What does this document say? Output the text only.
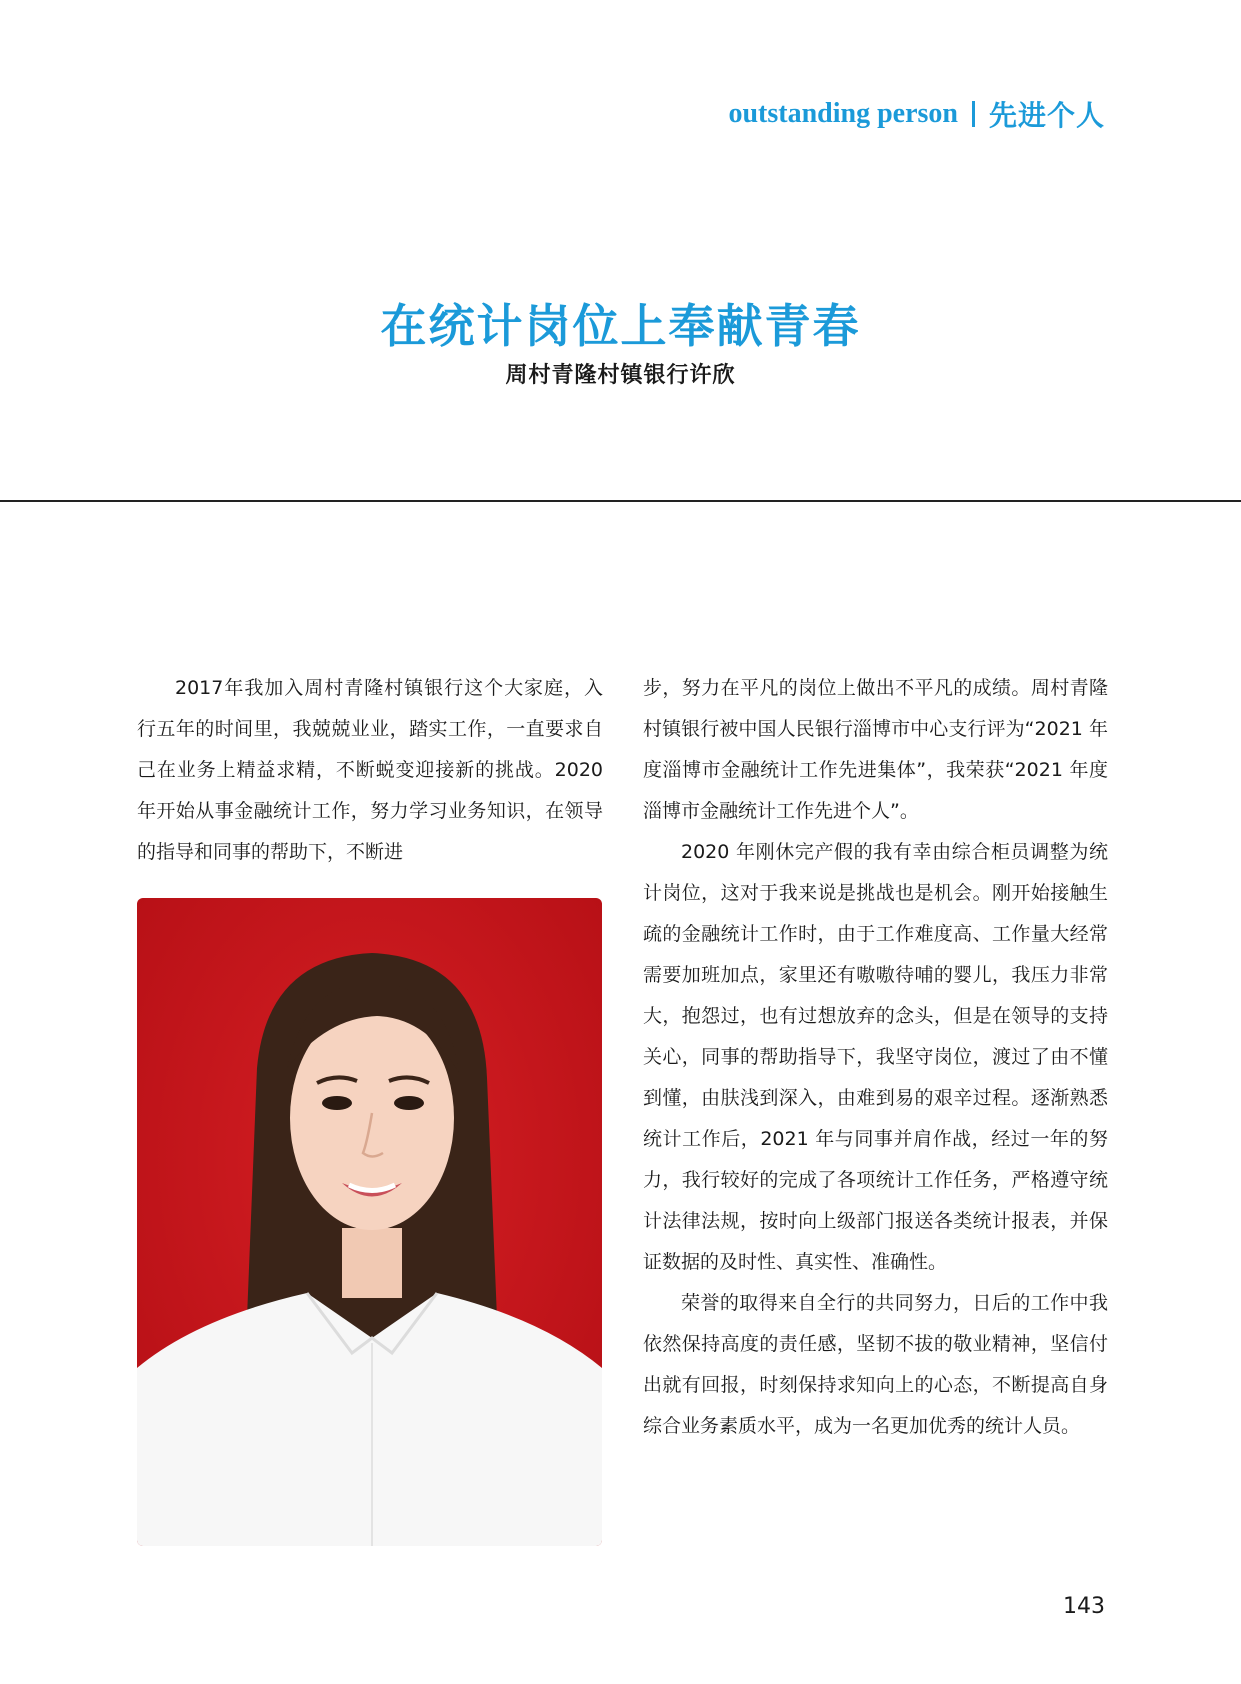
outstanding person 先进个人
在统计岗位上奉献青春
周村青隆村镇银行许欣

2017年我加入周村青隆村镇银行这个大家庭，入行五年的时间里，我兢兢业业，踏实工作，一直要求自己在业务上精益求精，不断蜕变迎接新的挑战。2020 年开始从事金融统计工作，努力学习业务知识，在领导的指导和同事的帮助下，不断进

步，努力在平凡的岗位上做出不平凡的成绩。周村青隆村镇银行被中国人民银行淄博市中心支行评为“2021 年度淄博市金融统计工作先进集体”，我荣获“2021 年度淄博市金融统计工作先进个人”。

2020 年刚休完产假的我有幸由综合柜员调整为统计岗位，这对于我来说是挑战也是机会。刚开始接触生疏的金融统计工作时，由于工作难度高、工作量大经常需要加班加点，家里还有嗷嗷待哺的婴儿，我压力非常大，抱怨过，也有过想放弃的念头，但是在领导的支持关心，同事的帮助指导下，我坚守岗位，渡过了由不懂到懂，由肤浅到深入，由难到易的艰辛过程。逐渐熟悉统计工作后，2021 年与同事并肩作战，经过一年的努力，我行较好的完成了各项统计工作任务，严格遵守统计法律法规，按时向上级部门报送各类统计报表，并保证数据的及时性、真实性、准确性。

荣誉的取得来自全行的共同努力，日后的工作中我依然保持高度的责任感，坚韧不拔的敬业精神，坚信付出就有回报，时刻保持求知向上的心态，不断提高自身综合业务素质水平，成为一名更加优秀的统计人员。

143
